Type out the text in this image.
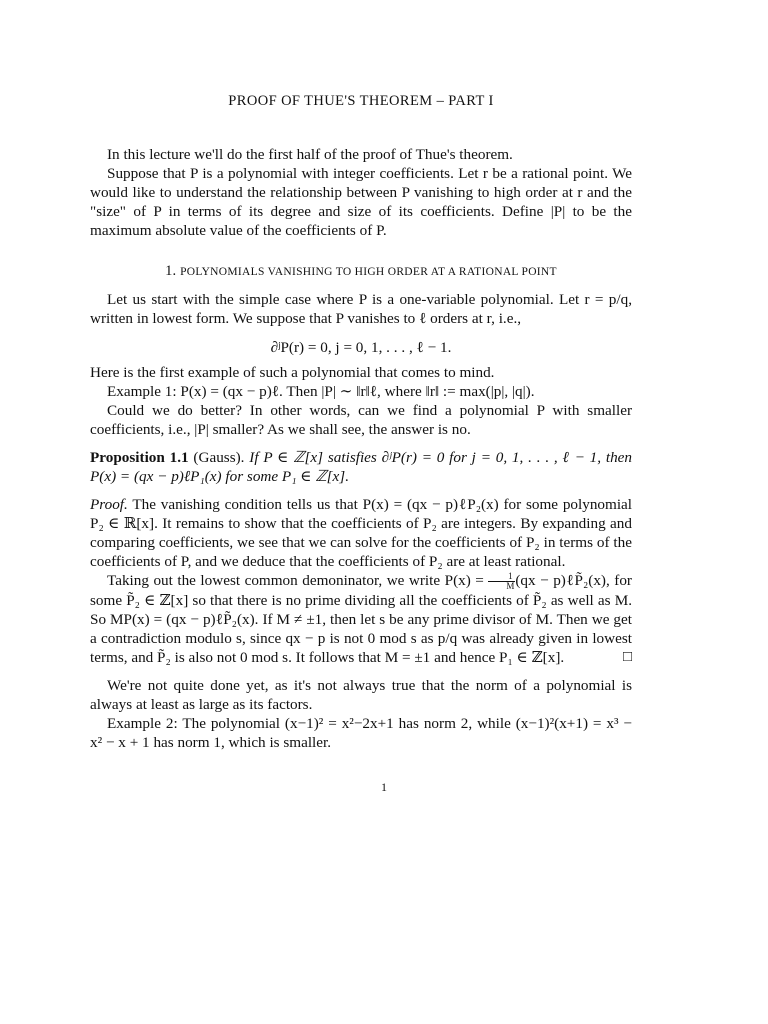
PROOF OF THUE'S THEOREM – PART I

In this lecture we'll do the first half of the proof of Thue's theorem.

Suppose that P is a polynomial with integer coefficients. Let r be a rational point. We would like to understand the relationship between P vanishing to high order at r and the "size" of P in terms of its degree and size of its coefficients. Define |P| to be the maximum absolute value of the coefficients of P.

1. POLYNOMIALS VANISHING TO HIGH ORDER AT A RATIONAL POINT

Let us start with the simple case where P is a one-variable polynomial. Let r = p/q, written in lowest form. We suppose that P vanishes to ℓ orders at r, i.e.,

∂ʲP(r) = 0, j = 0, 1, . . . , ℓ − 1.

Here is the first example of such a polynomial that comes to mind.

Example 1: P(x) = (qx − p)ℓ. Then |P| ∼ ‖r‖ℓ, where ‖r‖ := max(|p|, |q|).

Could we do better? In other words, can we find a polynomial P with smaller coefficients, i.e., |P| smaller? As we shall see, the answer is no.

Proposition 1.1 (Gauss). If P ∈ ℤ[x] satisfies ∂ʲP(r) = 0 for j = 0, 1, . . . , ℓ − 1, then P(x) = (qx − p)ℓP₁(x) for some P₁ ∈ ℤ[x].

Proof. The vanishing condition tells us that P(x) = (qx − p)ℓP₂(x) for some polynomial P₂ ∈ ℝ[x]. It remains to show that the coefficients of P₂ are integers. By expanding and comparing coefficients, we see that we can solve for the coefficients of P₂ in terms of the coefficients of P, and we deduce that the coefficients of P₂ are at least rational.

Taking out the lowest common demoninator, we write $P(x) = \frac{1}{M} (qx$ − p)ℓP̃₂(x), for some P̃₂ ∈ ℤ[x] so that there is no prime dividing all the coefficients of P̃₂ as well as M. So MP(x) = (qx − p)ℓP̃₂(x). If M ≠ ±1, then let s be any prime divisor of M. Then we get a contradiction modulo s, since qx − p is not 0 mod s as p/q was already given in lowest terms, and P̃₂ is also not 0 mod s. It follows that M = ±1 and hence P₁ ∈ ℤ[x].	□

We're not quite done yet, as it's not always true that the norm of a polynomial is always at least as large as its factors.

Example 2: The polynomial (x−1)² = x²−2x+1 has norm 2, while (x−1)²(x+1) = x³ − x² − x + 1 has norm 1, which is smaller.

1
